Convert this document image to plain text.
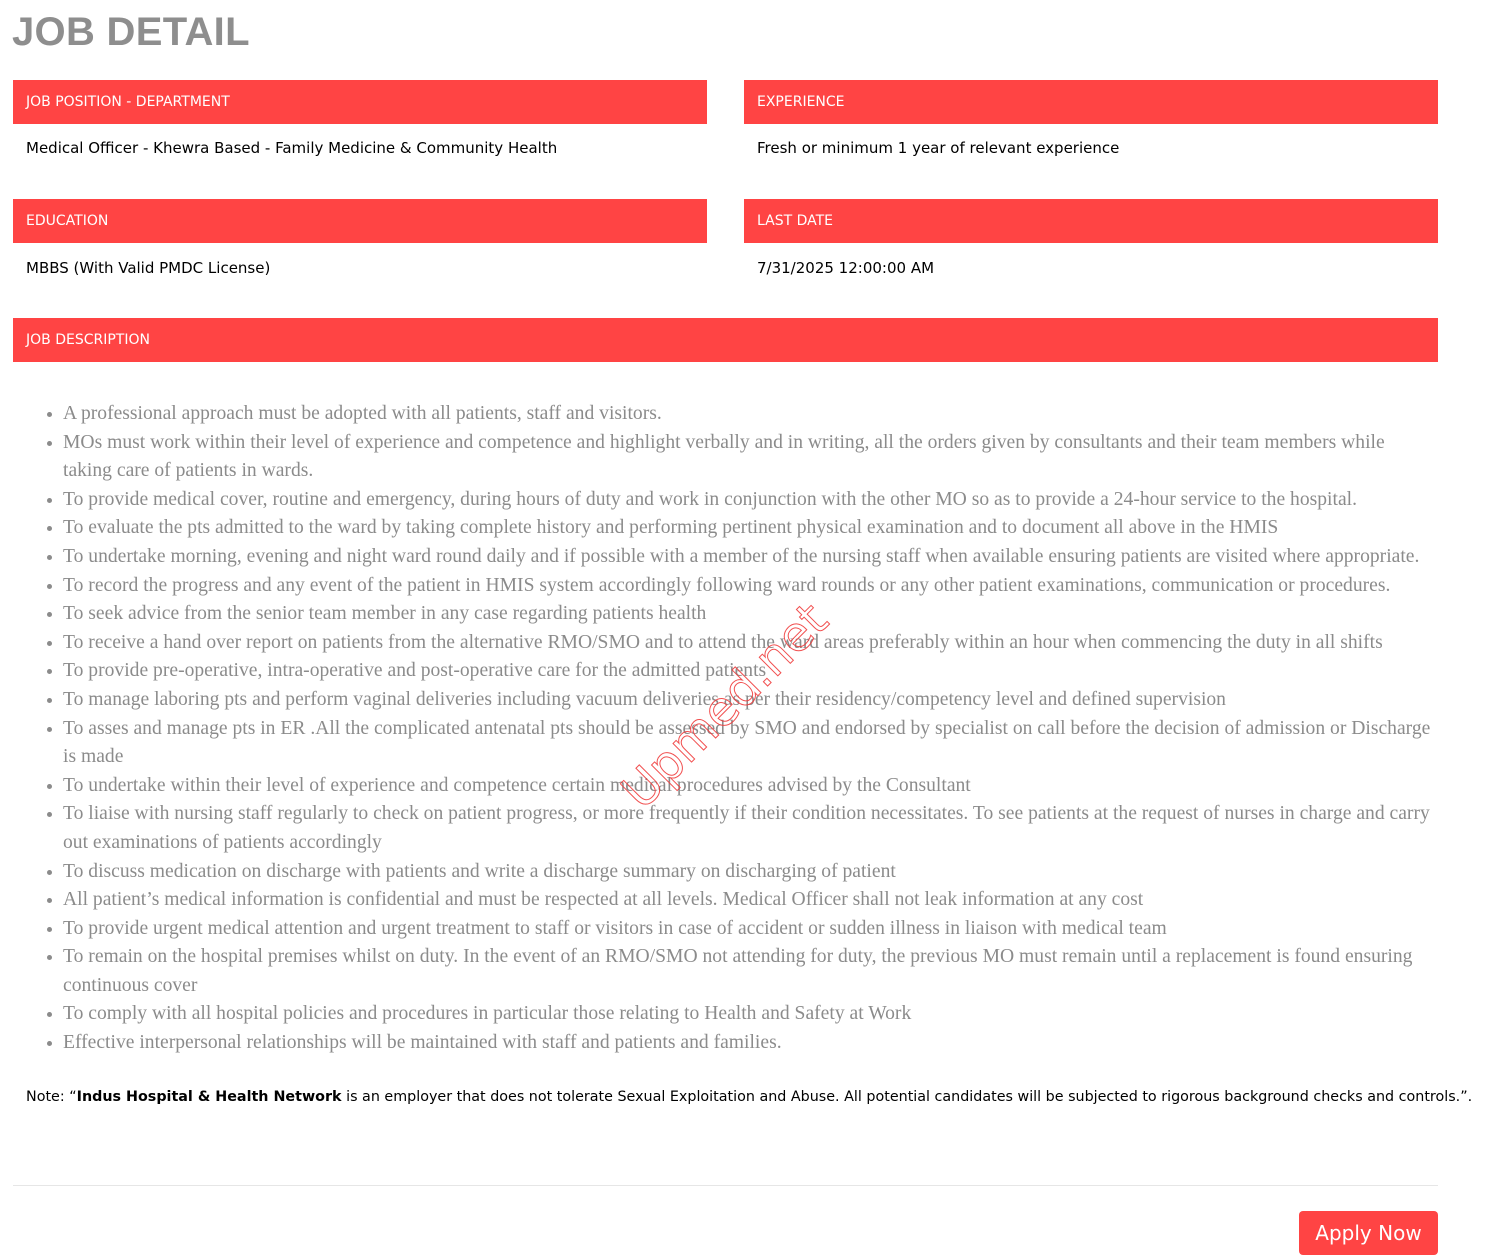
JOB DETAIL
JOB POSITION - DEPARTMENT
Medical Officer - Khewra Based - Family Medicine & Community Health
EXPERIENCE
Fresh or minimum 1 year of relevant experience
EDUCATION
MBBS (With Valid PMDC License)
LAST DATE
7/31/2025 12:00:00 AM
JOB DESCRIPTION
A professional approach must be adopted with all patients, staff and visitors.
MOs must work within their level of experience and competence and highlight verbally and in writing, all the orders given by consultants and their team members while taking care of patients in wards.
To provide medical cover, routine and emergency, during hours of duty and work in conjunction with the other MO so as to provide a 24-hour service to the hospital.
To evaluate the pts admitted to the ward by taking complete history and performing pertinent physical examination and to document all above in the HMIS
To undertake morning, evening and night ward round daily and if possible with a member of the nursing staff when available ensuring patients are visited where appropriate.
To record the progress and any event of the patient in HMIS system accordingly following ward rounds or any other patient examinations, communication or procedures.
To seek advice from the senior team member in any case regarding patients health
To receive a hand over report on patients from the alternative RMO/SMO and to attend the ward areas preferably within an hour when commencing the duty in all shifts
To provide pre-operative, intra-operative and post-operative care for the admitted patients
To manage laboring pts and perform vaginal deliveries including vacuum deliveries as per their residency/competency level and defined supervision
To asses and manage pts in ER .All the complicated antenatal pts should be assessed by SMO and endorsed by specialist on call before the decision of admission or Discharge is made
To undertake within their level of experience and competence certain medical procedures advised by the Consultant
To liaise with nursing staff regularly to check on patient progress, or more frequently if their condition necessitates. To see patients at the request of nurses in charge and carry out examinations of patients accordingly
To discuss medication on discharge with patients and write a discharge summary on discharging of patient
All patient’s medical information is confidential and must be respected at all levels. Medical Officer shall not leak information at any cost
To provide urgent medical attention and urgent treatment to staff or visitors in case of accident or sudden illness in liaison with medical team
To remain on the hospital premises whilst on duty. In the event of an RMO/SMO not attending for duty, the previous MO must remain until a replacement is found ensuring continuous cover
To comply with all hospital policies and procedures in particular those relating to Health and Safety at Work
Effective interpersonal relationships will be maintained with staff and patients and families.
Note: “Indus Hospital & Health Network is an employer that does not tolerate Sexual Exploitation and Abuse. All potential candidates will be subjected to rigorous background checks and controls.”.
Apply Now
Upmed.net
